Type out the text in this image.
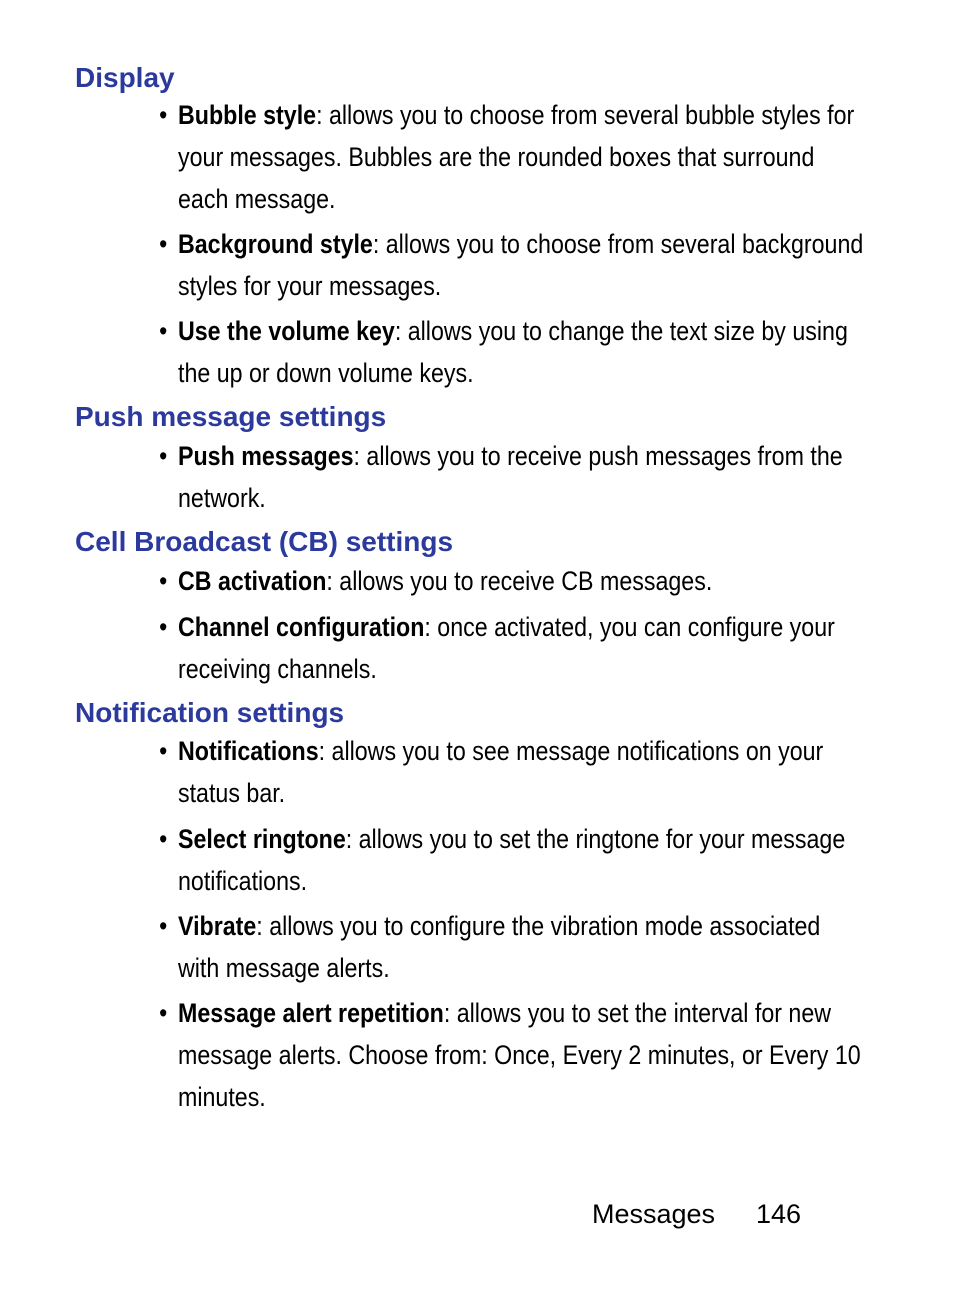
Display
• Bubble style: allows you to choose from several bubble styles for your messages. Bubbles are the rounded boxes that surround each message.
• Background style: allows you to choose from several background styles for your messages.
• Use the volume key: allows you to change the text size by using the up or down volume keys.
Push message settings
• Push messages: allows you to receive push messages from the network.
Cell Broadcast (CB) settings
• CB activation: allows you to receive CB messages.
• Channel configuration: once activated, you can configure your receiving channels.
Notification settings
• Notifications: allows you to see message notifications on your status bar.
• Select ringtone: allows you to set the ringtone for your message notifications.
• Vibrate: allows you to configure the vibration mode associated with message alerts.
• Message alert repetition: allows you to set the interval for new message alerts. Choose from: Once, Every 2 minutes, or Every 10 minutes.
Messages 146
